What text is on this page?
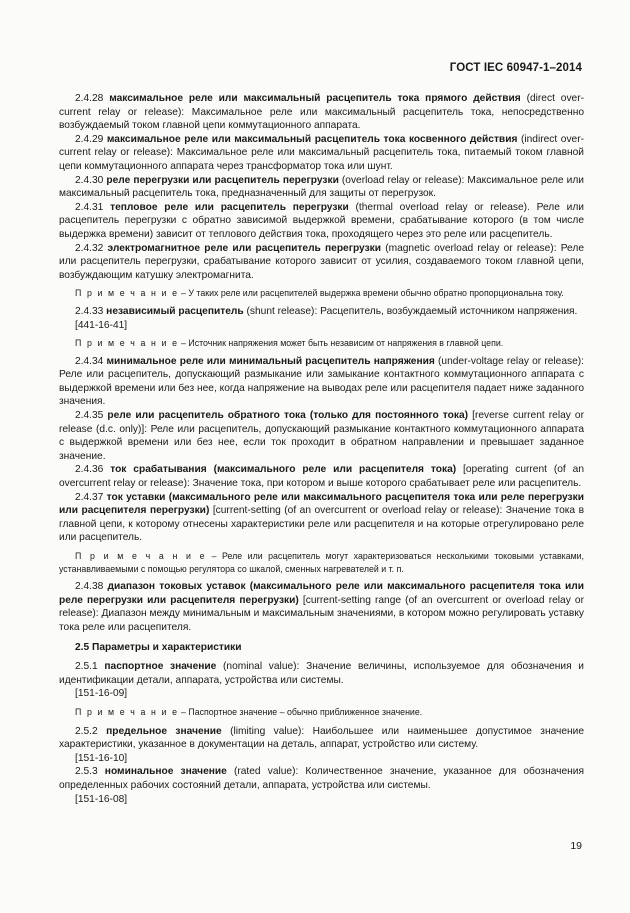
ГОСТ IEC 60947-1–2014

2.4.28 максимальное реле или максимальный расцепитель тока прямого действия (direct over-current relay or release): Максимальное реле или максимальный расцепитель тока, непосредственно возбуждаемый током главной цепи коммутационного аппарата.

2.4.29 максимальное реле или максимальный расцепитель тока косвенного действия (indirect over-current relay or release): Максимальное реле или максимальный расцепитель тока, питаемый током главной цепи коммутационного аппарата через трансформатор тока или шунт.

2.4.30 реле перегрузки или расцепитель перегрузки (overload relay or release): Максимальное реле или максимальный расцепитель тока, предназначенный для защиты от перегрузок.

2.4.31 тепловое реле или расцепитель перегрузки (thermal overload relay or release). Реле или расцепитель перегрузки с обратно зависимой выдержкой времени, срабатывание которого (в том числе выдержка времени) зависит от теплового действия тока, проходящего через это реле или расцепитель.

2.4.32 электромагнитное реле или расцепитель перегрузки (magnetic overload relay or release): Реле или расцепитель перегрузки, срабатывание которого зависит от усилия, создаваемого током главной цепи, возбуждающим катушку электромагнита.

П р и м е ч а н и е – У таких реле или расцепителей выдержка времени обычно обратно пропорциональна току.

2.4.33 независимый расцепитель (shunt release): Расцепитель, возбуждаемый источником напряжения.

[441-16-41]

П р и м е ч а н и е – Источник напряжения может быть независим от напряжения в главной цепи.

2.4.34 минимальное реле или минимальный расцепитель напряжения (under-voltage relay or release): Реле или расцепитель, допускающий размыкание или замыкание контактного коммутационного аппарата с выдержкой времени или без нее, когда напряжение на выводах реле или расцепителя падает ниже заданного значения.

2.4.35 реле или расцепитель обратного тока (только для постоянного тока) [reverse current relay or release (d.c. only)]: Реле или расцепитель, допускающий размыкание контактного коммутационного аппарата с выдержкой времени или без нее, если ток проходит в обратном направлении и превышает заданное значение.

2.4.36 ток срабатывания (максимального реле или расцепителя тока) [operating current (of an overcurrent relay or release): Значение тока, при котором и выше которого срабатывает реле или расцепитель.

2.4.37 ток уставки (максимального реле или максимального расцепителя тока или реле перегрузки или расцепителя перегрузки) [current-setting (of an overcurrent or overload relay or release): Значение тока в главной цепи, к которому отнесены характеристики реле или расцепителя и на которые отрегулировано реле или расцепитель.

П р и м е ч а н и е – Реле или расцепитель могут характеризоваться несколькими токовыми уставками, устанавливаемыми с помощью регулятора со шкалой, сменных нагревателей и т. п.

2.4.38 диапазон токовых уставок (максимального реле или максимального расцепителя тока или реле перегрузки или расцепителя перегрузки) [current-setting range (of an overcurrent or overload relay or release): Диапазон между минимальным и максимальным значениями, в котором можно регулировать уставку тока реле или расцепителя.

2.5 Параметры и характеристики

2.5.1 паспортное значение (nominal value): Значение величины, используемое для обозначения и идентификации детали, аппарата, устройства или системы.

[151-16-09]

П р и м е ч а н и е – Паспортное значение – обычно приближенное значение.

2.5.2 предельное значение (limiting value): Наибольшее или наименьшее допустимое значение характеристики, указанное в документации на деталь, аппарат, устройство или систему.

[151-16-10]

2.5.3 номинальное значение (rated value): Количественное значение, указанное для обозначения определенных рабочих состояний детали, аппарата, устройства или системы.

[151-16-08]

19
